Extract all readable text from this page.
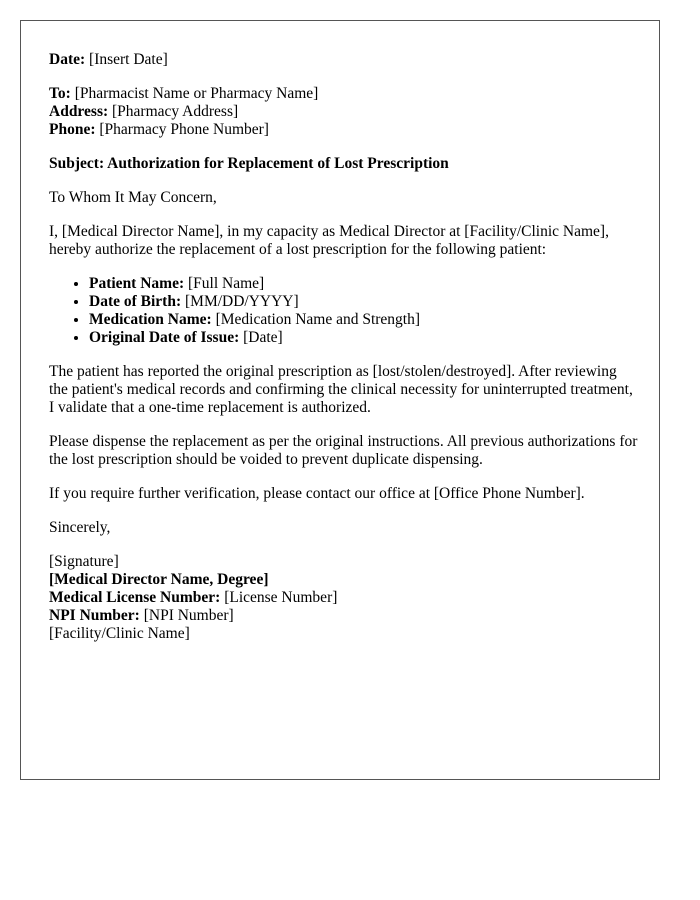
Date: [Insert Date]

To: [Pharmacist Name or Pharmacy Name]
Address: [Pharmacy Address]
Phone: [Pharmacy Phone Number]

Subject: Authorization for Replacement of Lost Prescription

To Whom It May Concern,

I, [Medical Director Name], in my capacity as Medical Director at [Facility/Clinic Name], hereby authorize the replacement of a lost prescription for the following patient:

• Patient Name: [Full Name]
• Date of Birth: [MM/DD/YYYY]
• Medication Name: [Medication Name and Strength]
• Original Date of Issue: [Date]

The patient has reported the original prescription as [lost/stolen/destroyed]. After reviewing the patient's medical records and confirming the clinical necessity for uninterrupted treatment, I validate that a one-time replacement is authorized.

Please dispense the replacement as per the original instructions. All previous authorizations for the lost prescription should be voided to prevent duplicate dispensing.

If you require further verification, please contact our office at [Office Phone Number].

Sincerely,

[Signature]
[Medical Director Name, Degree]
Medical License Number: [License Number]
NPI Number: [NPI Number]
[Facility/Clinic Name]
